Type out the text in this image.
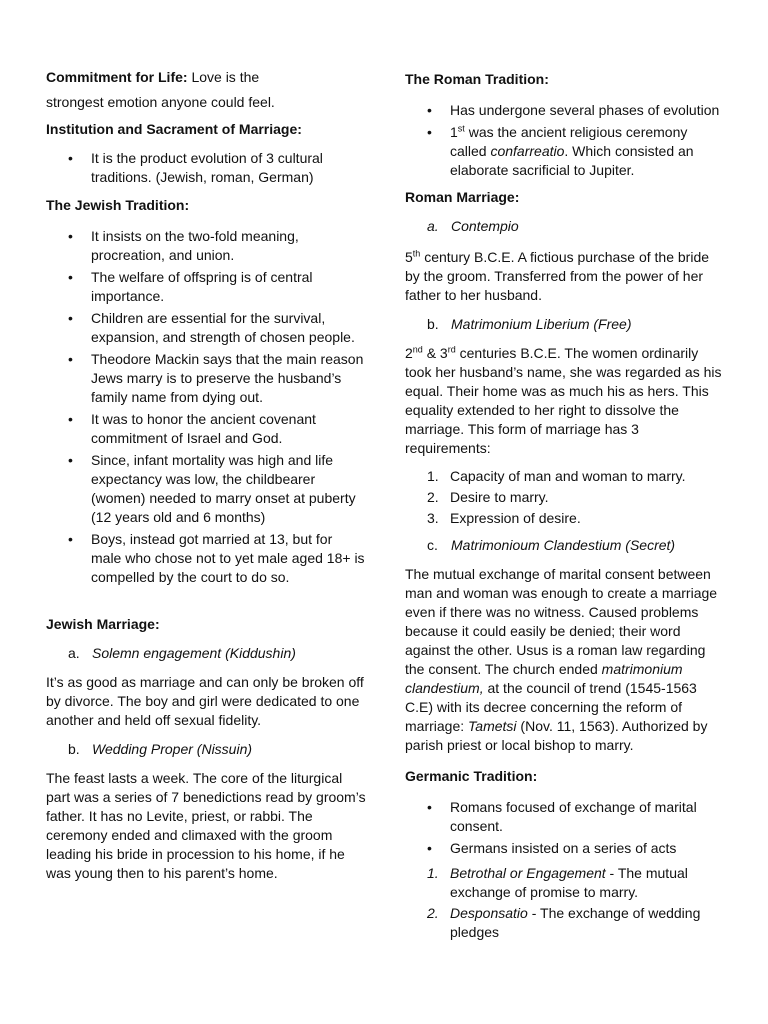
Commitment for Life: Love is the

strongest emotion anyone could feel.

Institution and Sacrament of Marriage:

• It is the product evolution of 3 cultural traditions. (Jewish, roman, German)

The Jewish Tradition:

• It insists on the two-fold meaning, procreation, and union.
• The welfare of offspring is of central importance.
• Children are essential for the survival, expansion, and strength of chosen people.
• Theodore Mackin says that the main reason Jews marry is to preserve the husband’s family name from dying out.
• It was to honor the ancient covenant commitment of Israel and God.
• Since, infant mortality was high and life expectancy was low, the childbearer (women) needed to marry onset at puberty (12 years old and 6 months)
• Boys, instead got married at 13, but for male who chose not to yet male aged 18+ is compelled by the court to do so.

Jewish Marriage:

a. Solemn engagement (Kiddushin)

It’s as good as marriage and can only be broken off by divorce. The boy and girl were dedicated to one another and held off sexual fidelity.

b. Wedding Proper (Nissuin)

The feast lasts a week. The core of the liturgical part was a series of 7 benedictions read by groom’s father. It has no Levite, priest, or rabbi. The ceremony ended and climaxed with the groom leading his bride in procession to his home, if he was young then to his parent’s home.

The Roman Tradition:

• Has undergone several phases of evolution
• 1st was the ancient religious ceremony called confarreatio. Which consisted an elaborate sacrificial to Jupiter.

Roman Marriage:

a. Contempio

5th century B.C.E. A fictious purchase of the bride by the groom. Transferred from the power of her father to her husband.

b. Matrimonium Liberium (Free)

2nd & 3rd centuries B.C.E. The women ordinarily took her husband’s name, she was regarded as his equal. Their home was as much his as hers. This equality extended to her right to dissolve the marriage. This form of marriage has 3 requirements:

1. Capacity of man and woman to marry.
2. Desire to marry.
3. Expression of desire.
c. Matrimonioum Clandestium (Secret)

The mutual exchange of marital consent between man and woman was enough to create a marriage even if there was no witness. Caused problems because it could easily be denied; their word against the other. Usus is a roman law regarding the consent. The church ended matrimonium clandestium, at the council of trend (1545-1563 C.E) with its decree concerning the reform of marriage: Tametsi (Nov. 11, 1563). Authorized by parish priest or local bishop to marry.

Germanic Tradition:

• Romans focused of exchange of marital consent.
• Germans insisted on a series of acts
1. Betrothal or Engagement - The mutual exchange of promise to marry.
2. Desponsatio - The exchange of wedding pledges
